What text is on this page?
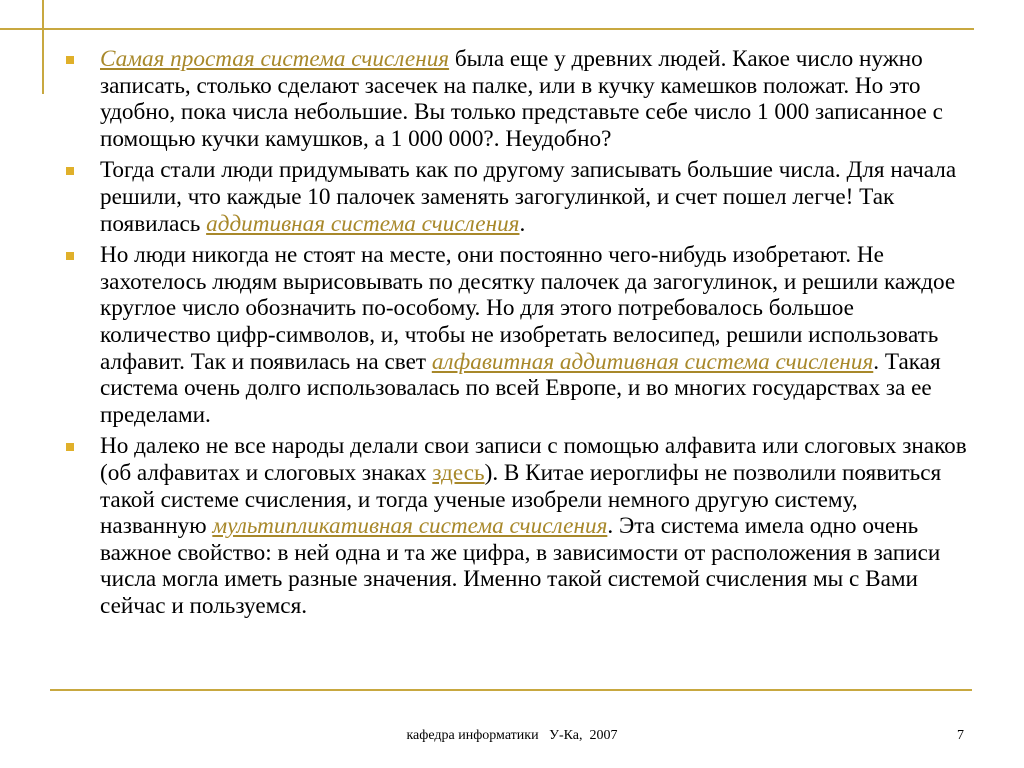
Самая простая система счисления была еще у древних людей. Какое число нужно записать, столько сделают засечек на палке, или в кучку камешков положат. Но это удобно, пока числа небольшие. Вы только представьте себе число 1 000 записанное с помощью кучки камушков, а 1 000 000?. Неудобно?
Тогда стали люди придумывать как по другому записывать большие числа. Для начала решили, что каждые 10 палочек заменять загогулинкой, и счет пошел легче! Так появилась аддитивная система счисления.
Но люди никогда не стоят на месте, они постоянно чего-нибудь изобретают. Не захотелось людям вырисовывать по десятку палочек да загогулинок, и решили каждое круглое число обозначить по-особому. Но для этого потребовалось большое количество цифр-символов, и, чтобы не изобретать велосипед, решили использовать алфавит. Так и появилась на свет алфавитная аддитивная система счисления. Такая система очень долго использовалась по всей Европе, и во многих государствах за ее пределами.
Но далеко не все народы делали свои записи с помощью алфавита или слоговых знаков (об алфавитах и слоговых знаках здесь). В Китае иероглифы не позволили появиться такой системе счисления, и тогда ученые изобрели немного другую систему, названную мультипликативная система счисления. Эта система имела одно очень важное свойство: в ней одна и та же цифра, в зависимости от расположения в записи числа могла иметь разные значения. Именно такой системой счисления мы с Вами сейчас и пользуемся.
кафедра информатики   У-Ка,  2007	7
